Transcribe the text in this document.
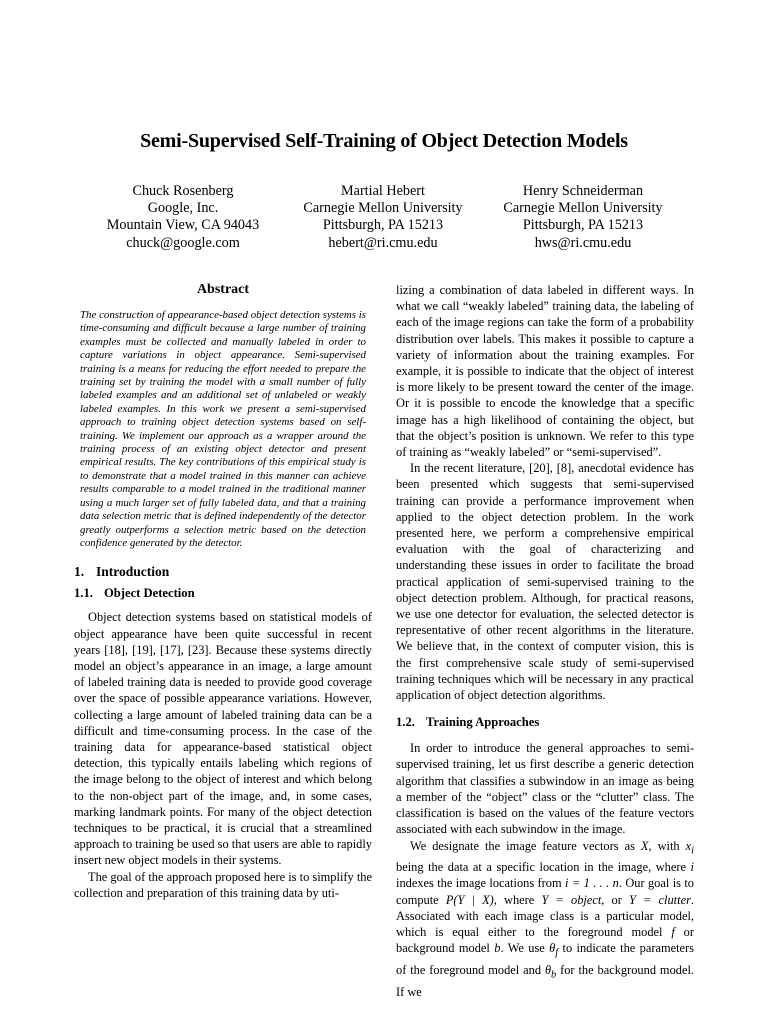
Semi-Supervised Self-Training of Object Detection Models
Chuck Rosenberg
Google, Inc.
Mountain View, CA 94043
chuck@google.com
Martial Hebert
Carnegie Mellon University
Pittsburgh, PA 15213
hebert@ri.cmu.edu
Henry Schneiderman
Carnegie Mellon University
Pittsburgh, PA 15213
hws@ri.cmu.edu
Abstract

The construction of appearance-based object detection systems is time-consuming and difficult because a large number of training examples must be collected and manually labeled in order to capture variations in object appearance. Semi-supervised training is a means for reducing the effort needed to prepare the training set by training the model with a small number of fully labeled examples and an additional set of unlabeled or weakly labeled examples. In this work we present a semi-supervised approach to training object detection systems based on self-training. We implement our approach as a wrapper around the training process of an existing object detector and present empirical results. The key contributions of this empirical study is to demonstrate that a model trained in this manner can achieve results comparable to a model trained in the traditional manner using a much larger set of fully labeled data, and that a training data selection metric that is defined independently of the detector greatly outperforms a selection metric based on the detection confidence generated by the detector.

1. Introduction
1.1. Object Detection

Object detection systems based on statistical models of object appearance have been quite successful in recent years [18], [19], [17], [23]. Because these systems directly model an object’s appearance in an image, a large amount of labeled training data is needed to provide good coverage over the space of possible appearance variations. However, collecting a large amount of labeled training data can be a difficult and time-consuming process. In the case of the training data for appearance-based statistical object detection, this typically entails labeling which regions of the image belong to the object of interest and which belong to the non-object part of the image, and, in some cases, marking landmark points. For many of the object detection techniques to be practical, it is crucial that a streamlined approach to training be used so that users are able to rapidly insert new object models in their systems.

The goal of the approach proposed here is to simplify the collection and preparation of this training data by uti-

lizing a combination of data labeled in different ways. In what we call “weakly labeled” training data, the labeling of each of the image regions can take the form of a probability distribution over labels. This makes it possible to capture a variety of information about the training examples. For example, it is possible to indicate that the object of interest is more likely to be present toward the center of the image. Or it is possible to encode the knowledge that a specific image has a high likelihood of containing the object, but that the object’s position is unknown. We refer to this type of training as “weakly labeled” or “semi-supervised”.

In the recent literature, [20], [8], anecdotal evidence has been presented which suggests that semi-supervised training can provide a performance improvement when applied to the object detection problem. In the work presented here, we perform a comprehensive empirical evaluation with the goal of characterizing and understanding these issues in order to facilitate the broad practical application of semi-supervised training to the object detection problem. Although, for practical reasons, we use one detector for evaluation, the selected detector is representative of other recent algorithms in the literature. We believe that, in the context of computer vision, this is the first comprehensive scale study of semi-supervised training techniques which will be necessary in any practical application of object detection algorithms.

1.2. Training Approaches

In order to introduce the general approaches to semi-supervised training, let us first describe a generic detection algorithm that classifies a subwindow in an image as being a member of the “object” class or the “clutter” class. The classification is based on the values of the feature vectors associated with each subwindow in the image.

We designate the image feature vectors as X, with $x_i$ being the data at a specific location in the image, where i indexes the image locations from i = 1 . . . n. Our goal is to compute P(Y | X), where Y = object, or Y = clutter. Associated with each image class is a particular model, which is equal either to the foreground model f or background model b. We use $\theta_f$ to indicate the parameters of the foreground model and $\theta_b$ for the background model. If we
